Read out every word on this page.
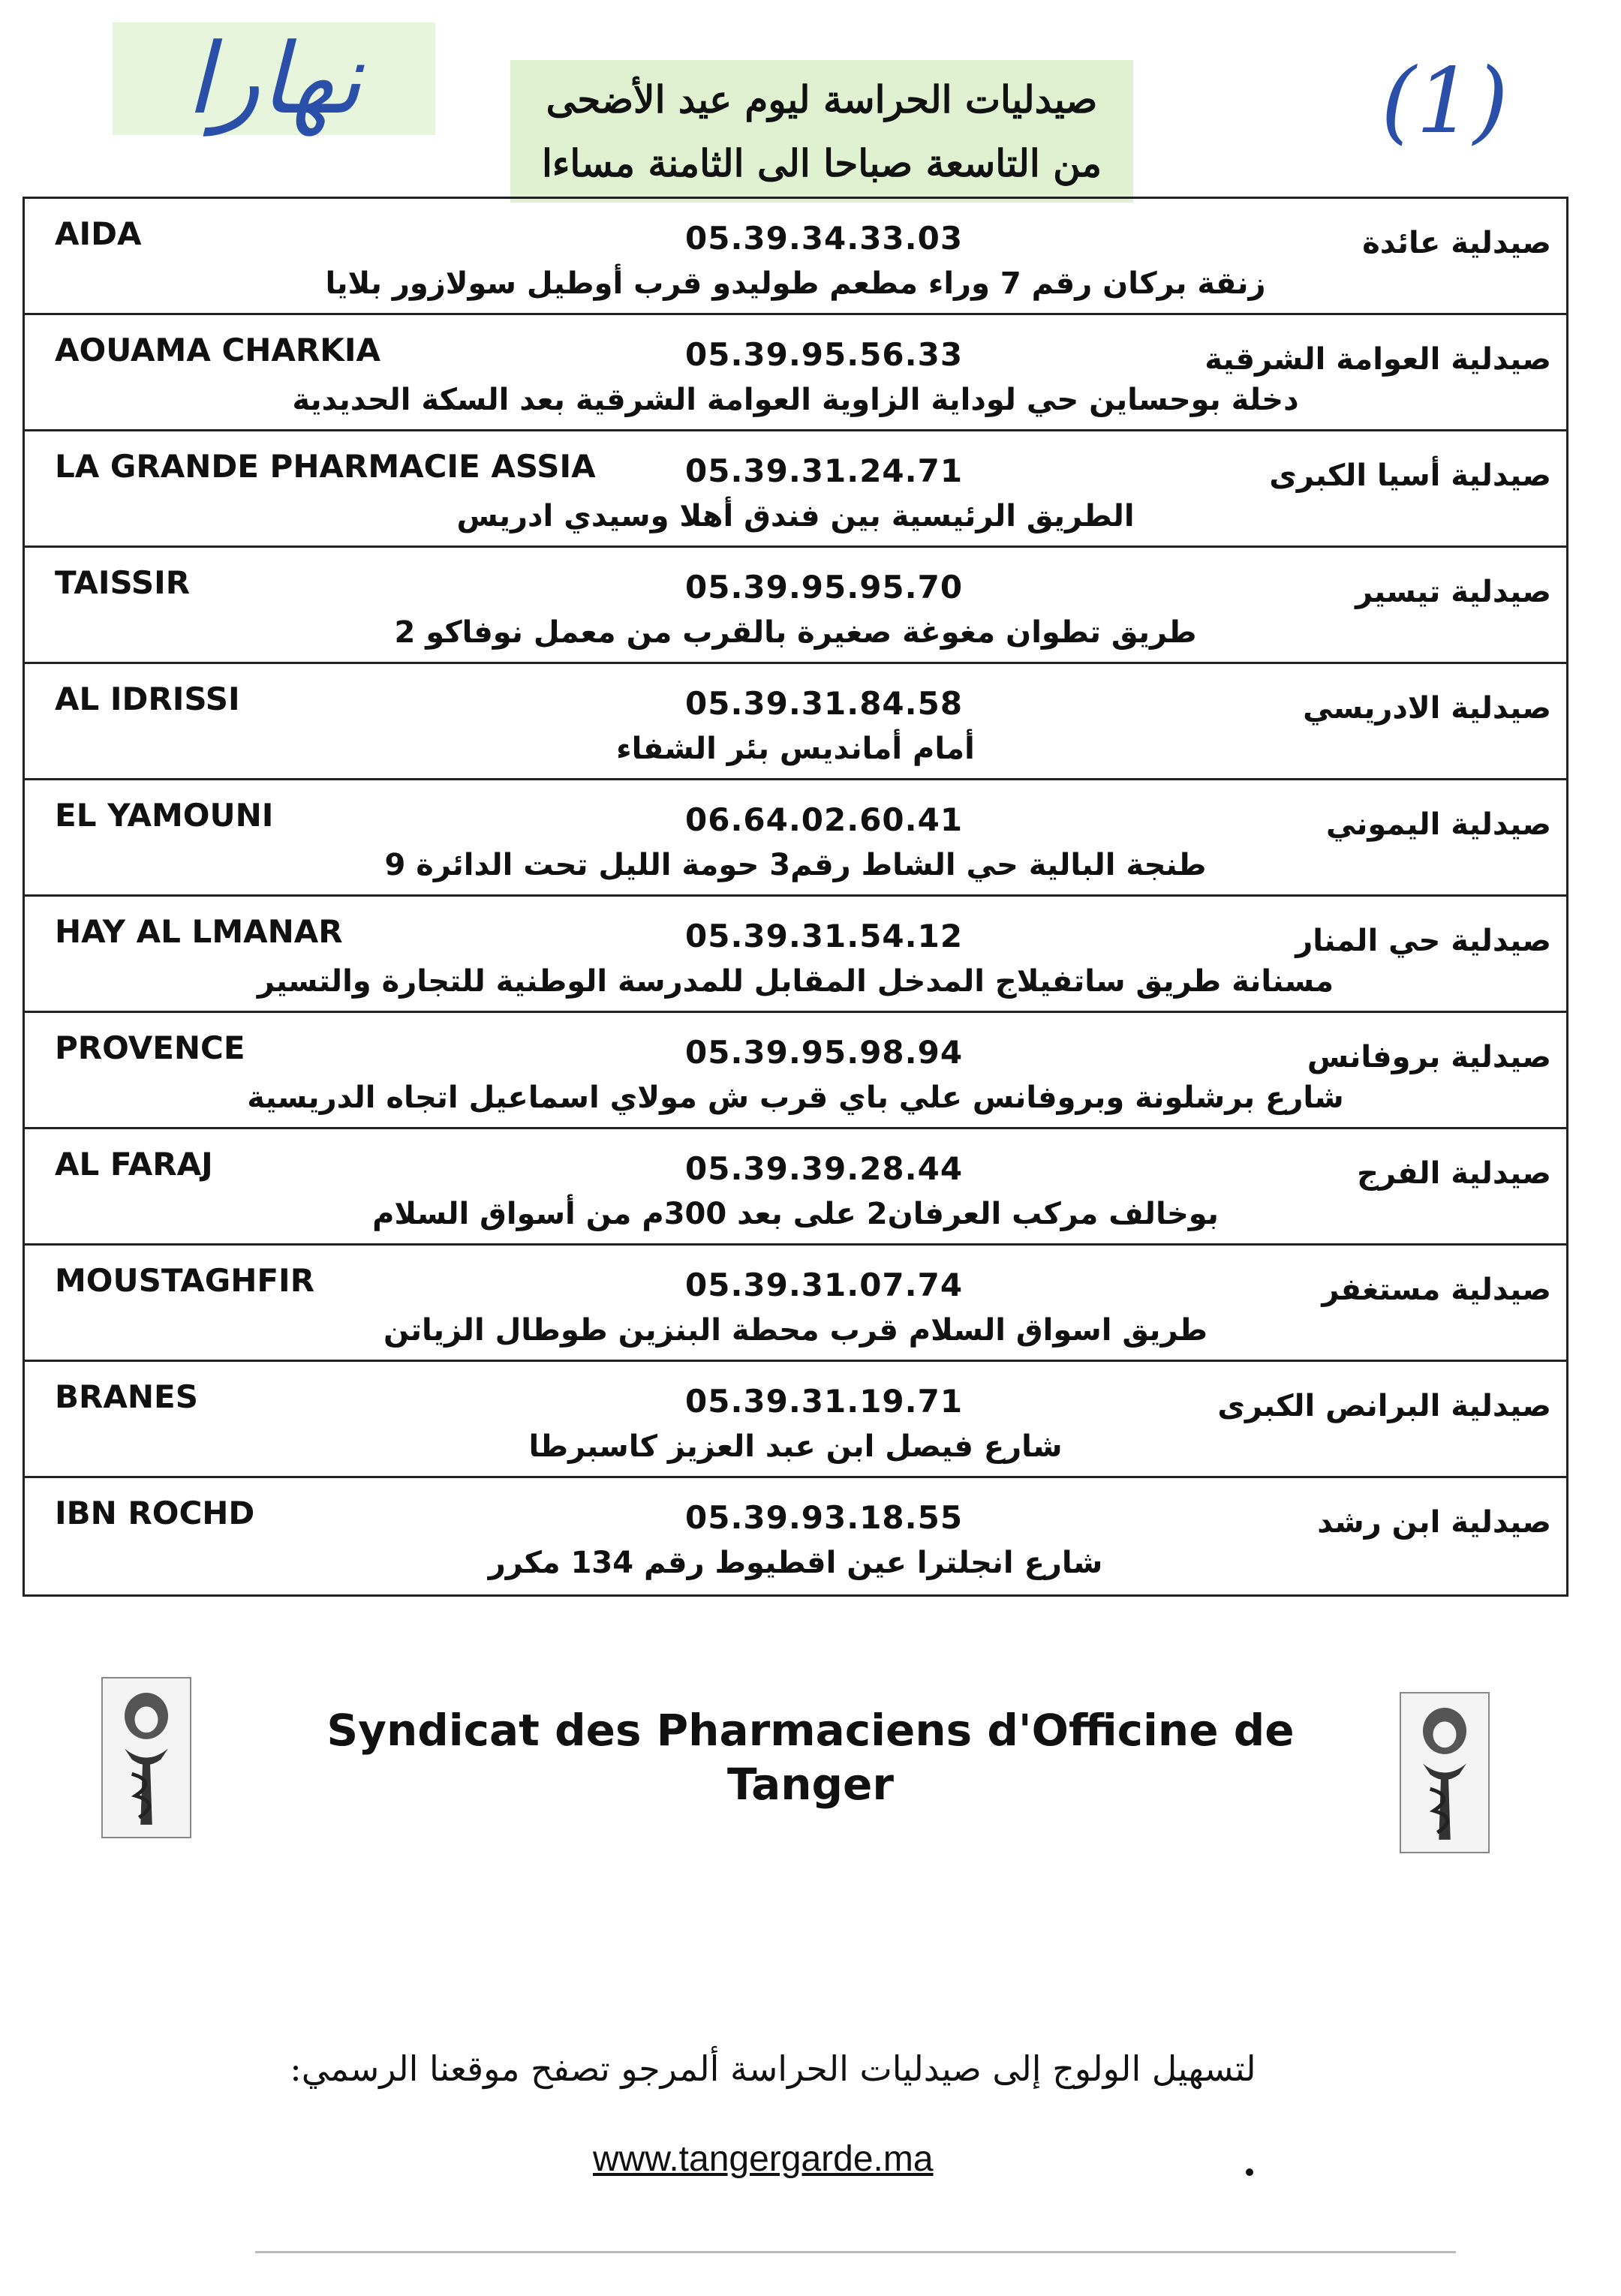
نهارا	صيدليات الحراسة ليوم عيد الأضحى
من التاسعة صباحا الى الثامنة مساءا
(1)
AIDA	05.39.34.33.03	صيدلية عائدة
زنقة بركان رقم 7 وراء مطعم طوليدو قرب أوطيل سولازور بلايا
AOUAMA CHARKIA	05.39.95.56.33	صيدلية العوامة الشرقية
دخلة بوحساين حي لوداية الزاوية العوامة الشرقية بعد السكة الحديدية
LA GRANDE PHARMACIE ASSIA	05.39.31.24.71	صيدلية أسيا الكبرى
الطريق الرئيسية بين فندق أهلا وسيدي ادريس
TAISSIR	05.39.95.95.70	صيدلية تيسير
طريق تطوان مغوغة صغيرة بالقرب من معمل نوفاكو 2
AL IDRISSI	05.39.31.84.58	صيدلية الادريسي
أمام أمانديس بئر الشفاء
EL YAMOUNI	06.64.02.60.41	صيدلية اليموني
طنجة البالية حي الشاط رقم3 حومة الليل تحت الدائرة 9
HAY AL LMANAR	05.39.31.54.12	صيدلية حي المنار
مسنانة طريق ساتفيلاج المدخل المقابل للمدرسة الوطنية للتجارة والتسير
PROVENCE	05.39.95.98.94	صيدلية بروفانس
شارع برشلونة وبروفانس علي باي قرب ش مولاي اسماعيل اتجاه الدريسية
AL FARAJ	05.39.39.28.44	صيدلية الفرج
بوخالف مركب العرفان2 على بعد 300م من أسواق السلام
MOUSTAGHFIR	05.39.31.07.74	صيدلية مستغفر
طريق اسواق السلام قرب محطة البنزين طوطال الزياتن
BRANES	05.39.31.19.71	صيدلية البرانص الكبرى
شارع فيصل ابن عبد العزيز كاسبرطا
IBN ROCHD	05.39.93.18.55	صيدلية ابن رشد
شارع انجلترا عين اقطيوط رقم 134 مكرر
Syndicat des Pharmaciens d'Officine de
Tanger
لتسهيل الولوج إلى صيدليات الحراسة ألمرجو تصفح موقعنا الرسمي:
www.tangergarde.ma
